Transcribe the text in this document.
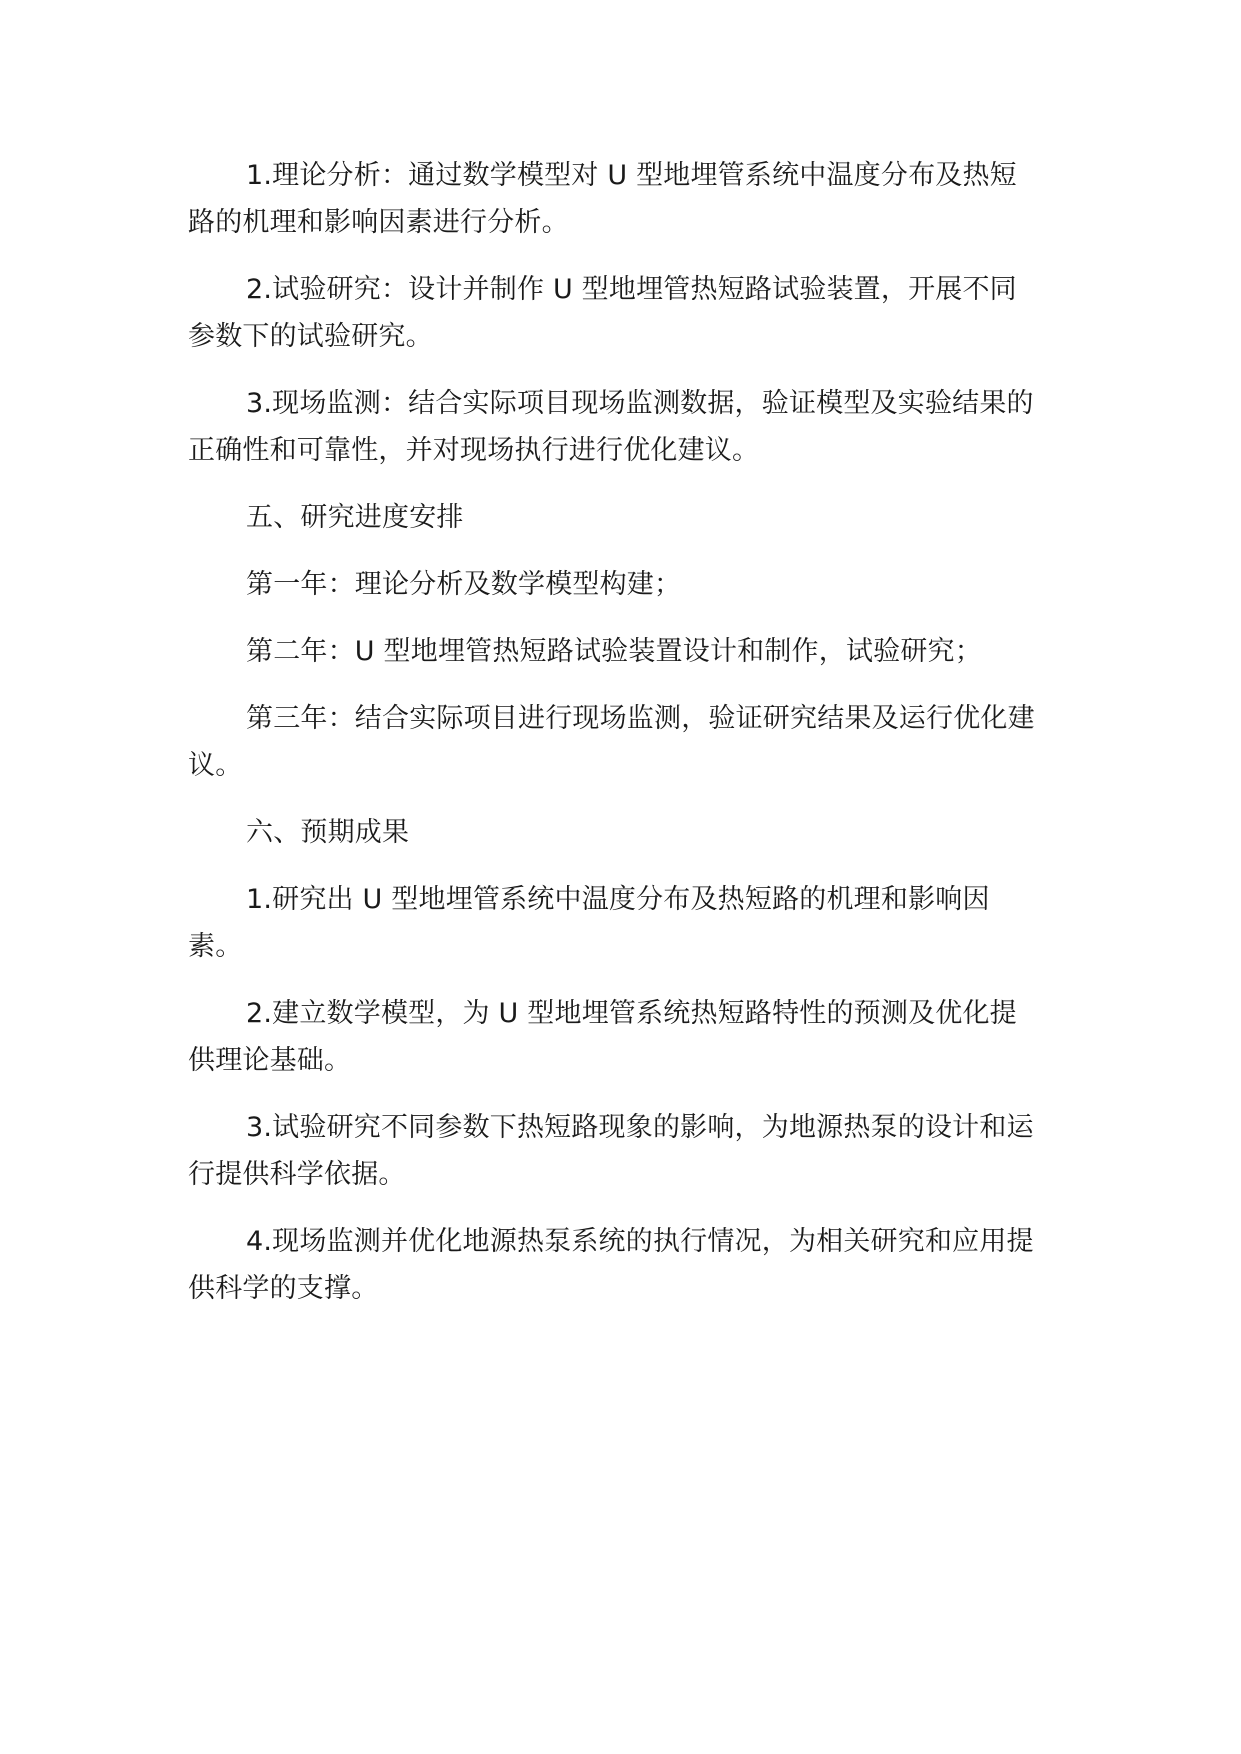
1.理论分析：通过数学模型对 U 型地埋管系统中温度分布及热短路的机理和影响因素进行分析。

2.试验研究：设计并制作 U 型地埋管热短路试验装置，开展不同参数下的试验研究。

3.现场监测：结合实际项目现场监测数据，验证模型及实验结果的正确性和可靠性，并对现场执行进行优化建议。

五、研究进度安排

第一年：理论分析及数学模型构建；

第二年：U 型地埋管热短路试验装置设计和制作，试验研究；

第三年：结合实际项目进行现场监测，验证研究结果及运行优化建议。

六、预期成果

1.研究出 U 型地埋管系统中温度分布及热短路的机理和影响因素。

2.建立数学模型，为 U 型地埋管系统热短路特性的预测及优化提供理论基础。

3.试验研究不同参数下热短路现象的影响，为地源热泵的设计和运行提供科学依据。

4.现场监测并优化地源热泵系统的执行情况，为相关研究和应用提供科学的支撑。
